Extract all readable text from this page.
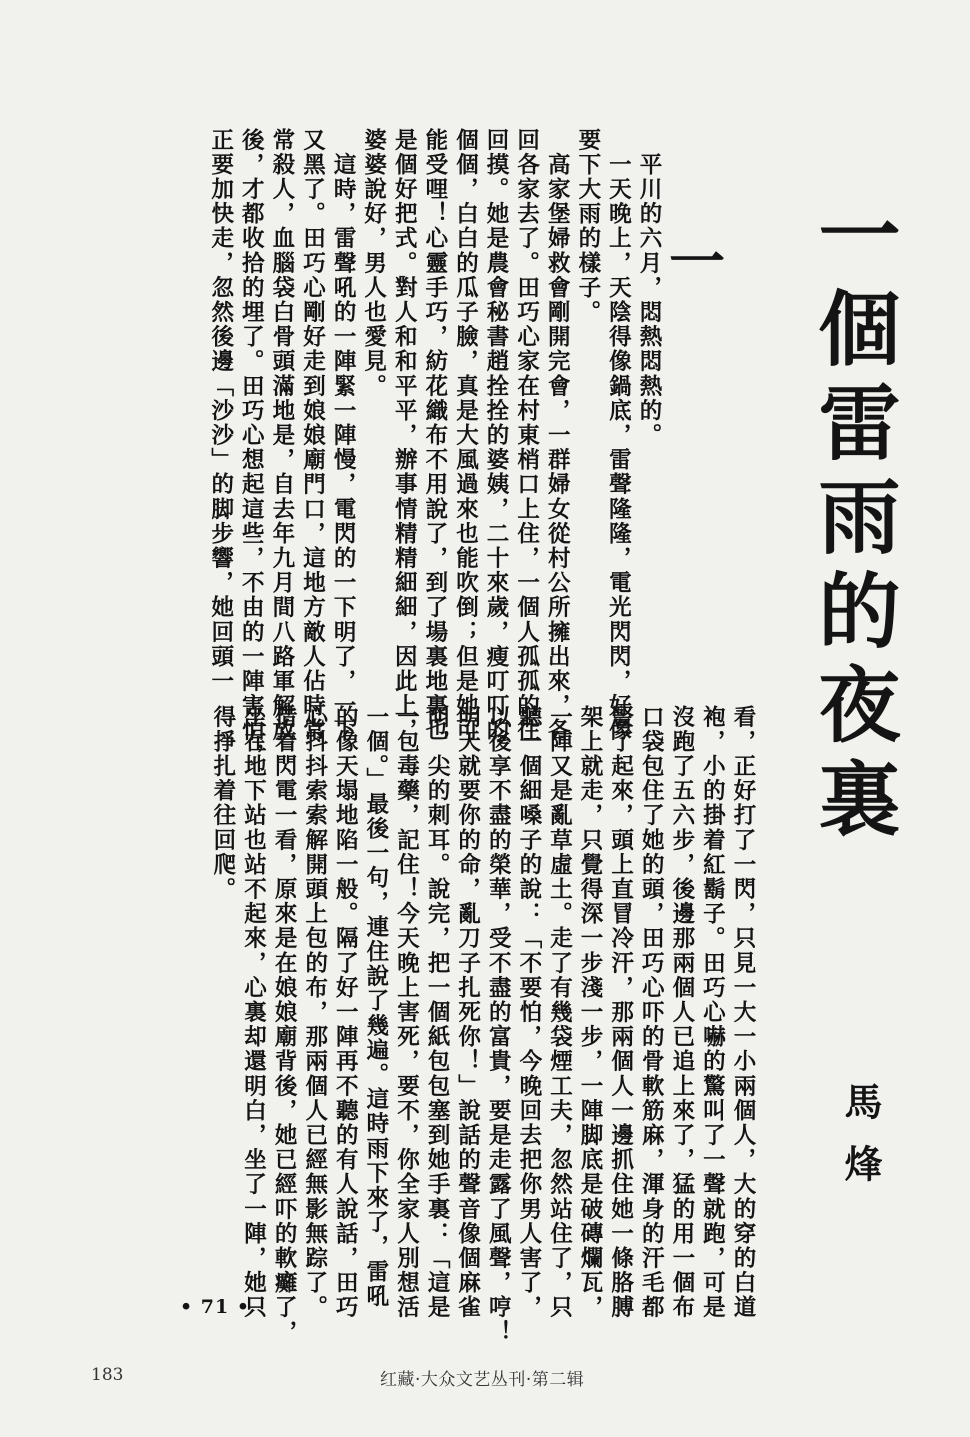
一個雷雨的夜裏
馬烽
一
　平川的六月，悶熱悶熱的。
　一天晚上，天陰得像鍋底，雷聲隆隆，電光閃閃，好像
要下大雨的樣子。
　高家堡婦救會剛開完會，一群婦女從村公所擁出來，各
回各家去了。田巧心家在村東梢口上住，一個人孤孤的往
回摸。她是農會秘書趙拴拴的婆姨，二十來歲，瘦叮叮的
個個，白白的瓜子臉，真是大風過來也能吹倒；但是她可
能受哩！心靈手巧，紡花織布不用說了，到了場裏地裏也
是個好把式。對人和和平平，辦事情精精細細，因此上，
婆婆說好，男人也愛見。
　這時，雷聲吼的一陣緊一陣慢，電閃的一下明了，一下
又黑了。田巧心剛好走到娘娘廟門口，這地方敵人佔時常
常殺人，血腦袋白骨頭滿地是，自去年九月間八路軍解放
後，才都收拾的埋了。田巧心想起這些，不由的一陣害怕，
正要加快走，忽然後邊「沙沙」的脚步響，她回頭一
看，正好打了一閃，只見一大一小兩個人，大的穿的白道
袍，小的掛着紅鬍子。田巧心嚇的驚叫了一聲就跑，可是
沒跑了五六步，後邊那兩個人已追上來了，猛的用一個布
口袋包住了她的頭，田巧心吓的骨軟筋麻，渾身的汗毛都
豎了起來，頭上直冒冷汗，那兩個人一邊抓住她一條胳膊
架上就走，只覺得深一步淺一步，一陣脚底是破磚爛瓦，
一陣又是亂草虛土。走了有幾袋煙工夫，忽然站住了，只
聽一個細嗓子的說：「不要怕，今晚回去把你男人害了，
以後享不盡的榮華，受不盡的富貴，要是走露了風聲，哼！
明天就要你的命，亂刀子扎死你！」說話的聲音像個麻雀
叫，尖的刺耳。說完，把一個紙包包塞到她手裏：「這是
一包毒藥，記住！今天晚上害死，要不，你全家人別想活
一個。」最後一句，連住說了幾遍。這時雨下來了，雷吼
的像天塌地陷一般。隔了好一陣再不聽的有人說話，田巧
心抖抖索索解開頭上包的布，那兩個人已經無影無踪了。
借着閃電一看，原來是在娘娘廟背後，她已經吓的軟癱了，
坐在地下站也站不起來，心裏却還明白，坐了一陣，她只
得掙扎着往回爬。
• 71 •
183	红藏·大众文艺丛刊·第二辑
